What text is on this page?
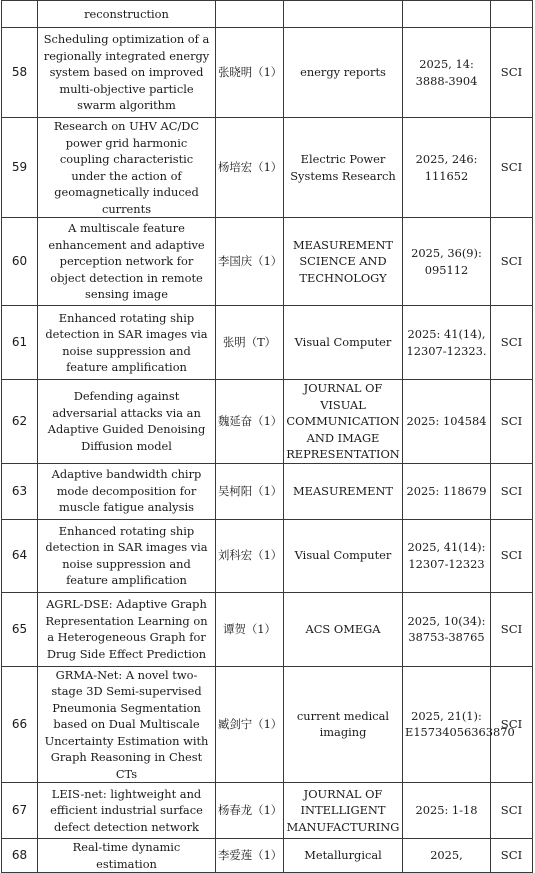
	reconstruction				
58	Scheduling optimization of a regionally integrated energy system based on improved multi-objective particle swarm algorithm	张晓明（1）	energy reports	2025, 14: 3888-3904	SCI
59	Research on UHV AC/DC power grid harmonic coupling characteristic under the action of geomagnetically induced currents	杨培宏（1）	Electric Power Systems Research	2025, 246: 111652	SCI
60	A multiscale feature enhancement and adaptive perception network for object detection in remote sensing image	李国庆（1）	MEASUREMENT SCIENCE AND TECHNOLOGY	2025, 36(9): 095112	SCI
61	Enhanced rotating ship detection in SAR images via noise suppression and feature amplification	张明（T）	Visual Computer	2025: 41(14), 12307-12323.	SCI
62	Defending against adversarial attacks via an Adaptive Guided Denoising Diffusion model	魏延奋（1）	JOURNAL OF VISUAL COMMUNICATION AND IMAGE REPRESENTATION	2025: 104584	SCI
63	Adaptive bandwidth chirp mode decomposition for muscle fatigue analysis	吴柯阳（1）	MEASUREMENT	2025: 118679	SCI
64	Enhanced rotating ship detection in SAR images via noise suppression and feature amplification	刘科宏（1）	Visual Computer	2025, 41(14): 12307-12323	SCI
65	AGRL-DSE: Adaptive Graph Representation Learning on a Heterogeneous Graph for Drug Side Effect Prediction	谭贺（1）	ACS OMEGA	2025, 10(34): 38753-38765	SCI
66	GRMA-Net: A novel two-stage 3D Semi-supervised Pneumonia Segmentation based on Dual Multiscale Uncertainty Estimation with Graph Reasoning in Chest CTs	臧剑宁（1）	current medical imaging	2025, 21(1): E15734056363870	SCI
67	LEIS-net: lightweight and efficient industrial surface defect detection network	杨春龙（1）	JOURNAL OF INTELLIGENT MANUFACTURING	2025: 1-18	SCI
68	Real-time dynamic estimation	李爱莲（1）	Metallurgical	2025,	SCI
